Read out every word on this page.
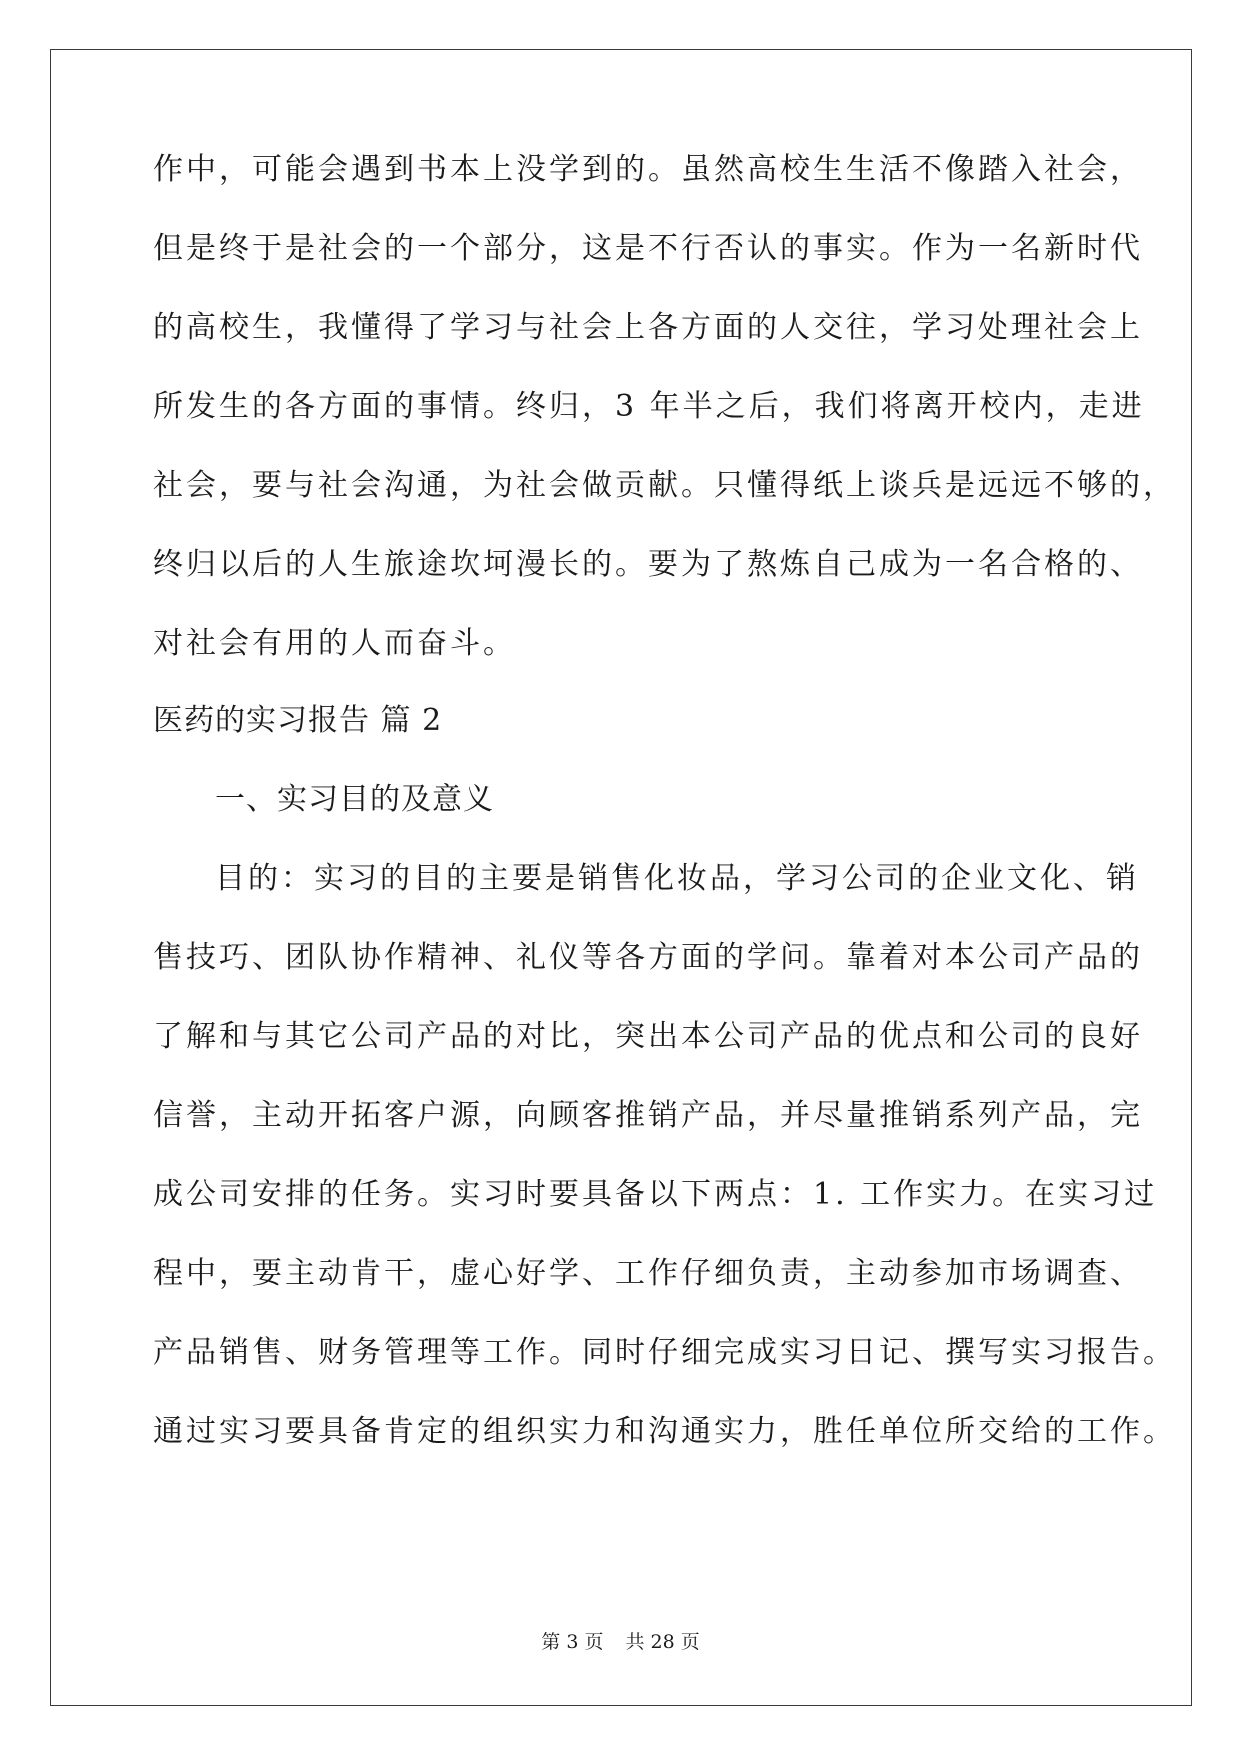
作中，可能会遇到书本上没学到的。虽然高校生生活不像踏入社会，
但是终于是社会的一个部分，这是不行否认的事实。作为一名新时代
的高校生，我懂得了学习与社会上各方面的人交往，学习处理社会上
所发生的各方面的事情。终归，3 年半之后，我们将离开校内，走进
社会，要与社会沟通，为社会做贡献。只懂得纸上谈兵是远远不够的，
终归以后的人生旅途坎坷漫长的。要为了熬炼自己成为一名合格的、
对社会有用的人而奋斗。
医药的实习报告 篇 2
一、实习目的及意义
目的：实习的目的主要是销售化妆品，学习公司的企业文化、销
售技巧、团队协作精神、礼仪等各方面的学问。靠着对本公司产品的
了解和与其它公司产品的对比，突出本公司产品的优点和公司的良好
信誉，主动开拓客户源，向顾客推销产品，并尽量推销系列产品，完
成公司安排的任务。实习时要具备以下两点：1. 工作实力。在实习过
程中，要主动肯干，虚心好学、工作仔细负责，主动参加市场调查、
产品销售、财务管理等工作。同时仔细完成实习日记、撰写实习报告。
通过实习要具备肯定的组织实力和沟通实力，胜任单位所交给的工作。
第 3 页 共 28 页
